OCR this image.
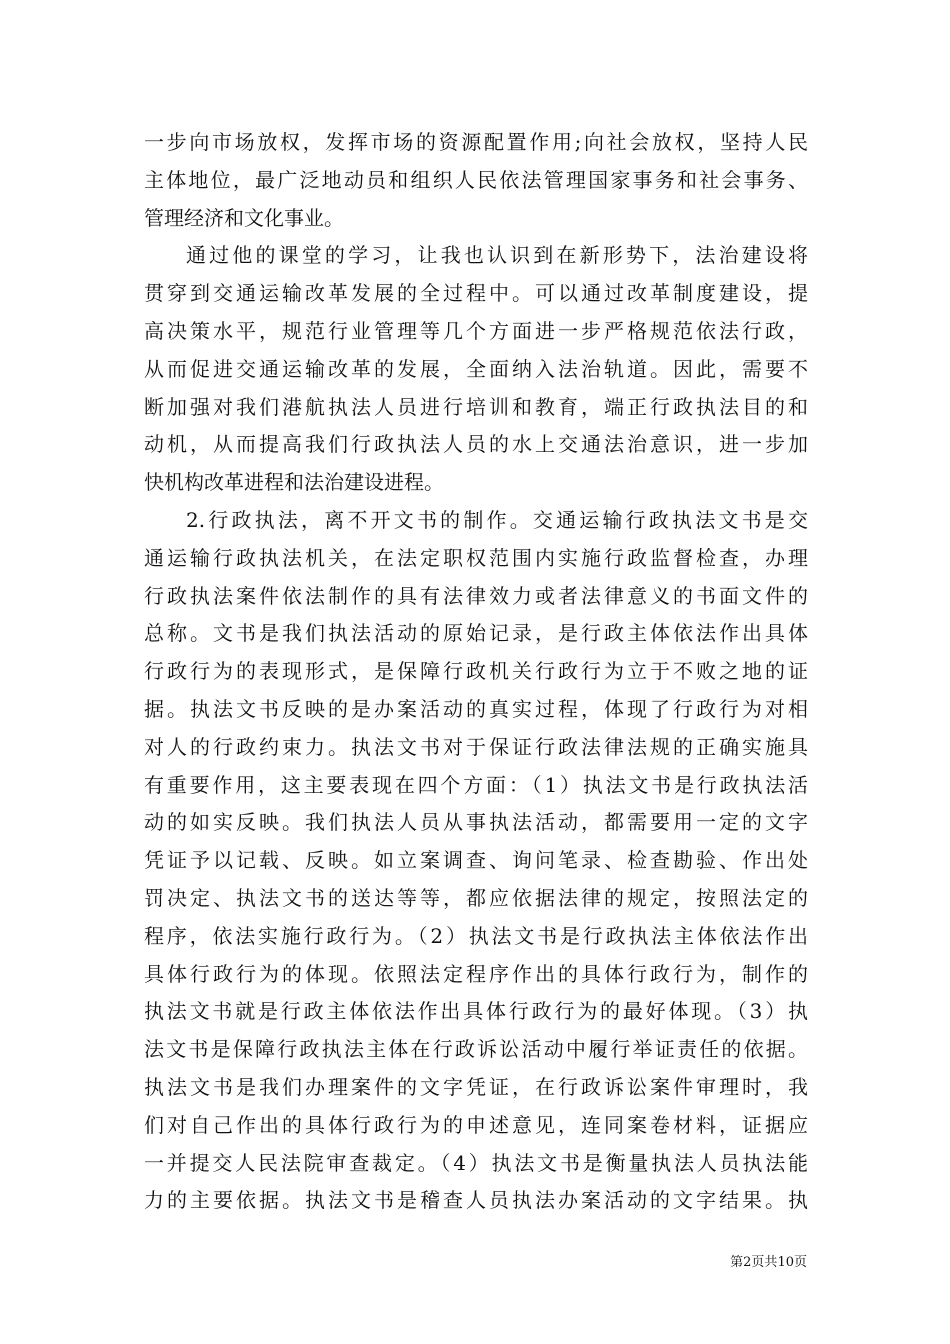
一步向市场放权，发挥市场的资源配置作用;向社会放权，坚持人民
主体地位，最广泛地动员和组织人民依法管理国家事务和社会事务、
管理经济和文化事业。
通过他的课堂的学习，让我也认识到在新形势下，法治建设将
贯穿到交通运输改革发展的全过程中。可以通过改革制度建设，提
高决策水平，规范行业管理等几个方面进一步严格规范依法行政，
从而促进交通运输改革的发展，全面纳入法治轨道。因此，需要不
断加强对我们港航执法人员进行培训和教育，端正行政执法目的和
动机，从而提高我们行政执法人员的水上交通法治意识，进一步加
快机构改革进程和法治建设进程。
2.行政执法，离不开文书的制作。交通运输行政执法文书是交
通运输行政执法机关，在法定职权范围内实施行政监督检查，办理
行政执法案件依法制作的具有法律效力或者法律意义的书面文件的
总称。文书是我们执法活动的原始记录，是行政主体依法作出具体
行政行为的表现形式，是保障行政机关行政行为立于不败之地的证
据。执法文书反映的是办案活动的真实过程，体现了行政行为对相
对人的行政约束力。执法文书对于保证行政法律法规的正确实施具
有重要作用，这主要表现在四个方面：（1）执法文书是行政执法活
动的如实反映。我们执法人员从事执法活动，都需要用一定的文字
凭证予以记载、反映。如立案调查、询问笔录、检查勘验、作出处
罚决定、执法文书的送达等等，都应依据法律的规定，按照法定的
程序，依法实施行政行为。（2）执法文书是行政执法主体依法作出
具体行政行为的体现。依照法定程序作出的具体行政行为，制作的
执法文书就是行政主体依法作出具体行政行为的最好体现。（3）执
法文书是保障行政执法主体在行政诉讼活动中履行举证责任的依据。
执法文书是我们办理案件的文字凭证，在行政诉讼案件审理时，我
们对自己作出的具体行政行为的申述意见，连同案卷材料，证据应
一并提交人民法院审查裁定。（4）执法文书是衡量执法人员执法能
力的主要依据。执法文书是稽查人员执法办案活动的文字结果。执
第2页共10页
